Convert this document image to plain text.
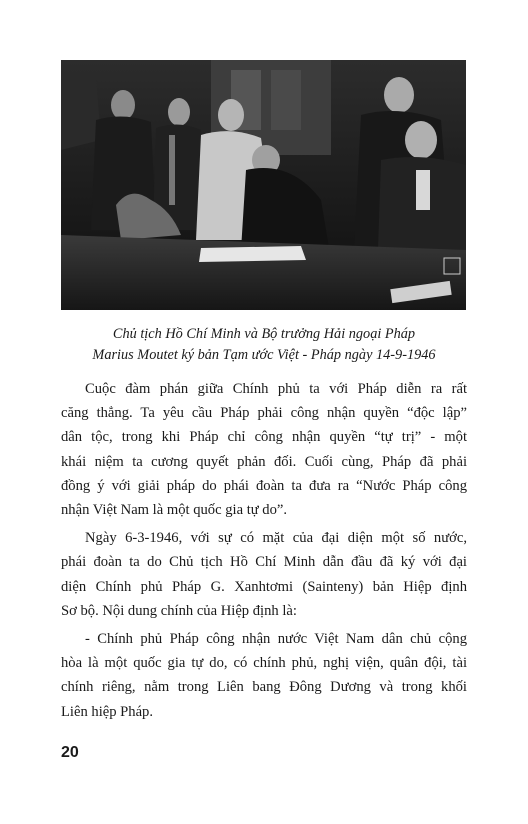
Chủ tịch Hồ Chí Minh và Bộ trưởng Hải ngoại Pháp
Marius Moutet ký bản Tạm ước Việt - Pháp ngày 14-9-1946

Cuộc đàm phán giữa Chính phủ ta với Pháp diễn ra rất
căng thẳng. Ta yêu cầu Pháp phải công nhận quyền “độc lập”
dân tộc, trong khi Pháp chỉ công nhận quyền “tự trị” - một
khái niệm ta cương quyết phản đối. Cuối cùng, Pháp đã phải
đồng ý với giải pháp do phái đoàn ta đưa ra “Nước Pháp công
nhận Việt Nam là một quốc gia tự do”.

Ngày 6-3-1946, với sự có mặt của đại diện một số nước,
phái đoàn ta do Chủ tịch Hồ Chí Minh dẫn đầu đã ký với đại
diện Chính phủ Pháp G. Xanhtơmi (Sainteny) bản Hiệp định
Sơ bộ. Nội dung chính của Hiệp định là:

- Chính phủ Pháp công nhận nước Việt Nam dân chủ cộng
hòa là một quốc gia tự do, có chính phủ, nghị viện, quân đội, tài
chính riêng, nằm trong Liên bang Đông Dương và trong khối
Liên hiệp Pháp.

20
